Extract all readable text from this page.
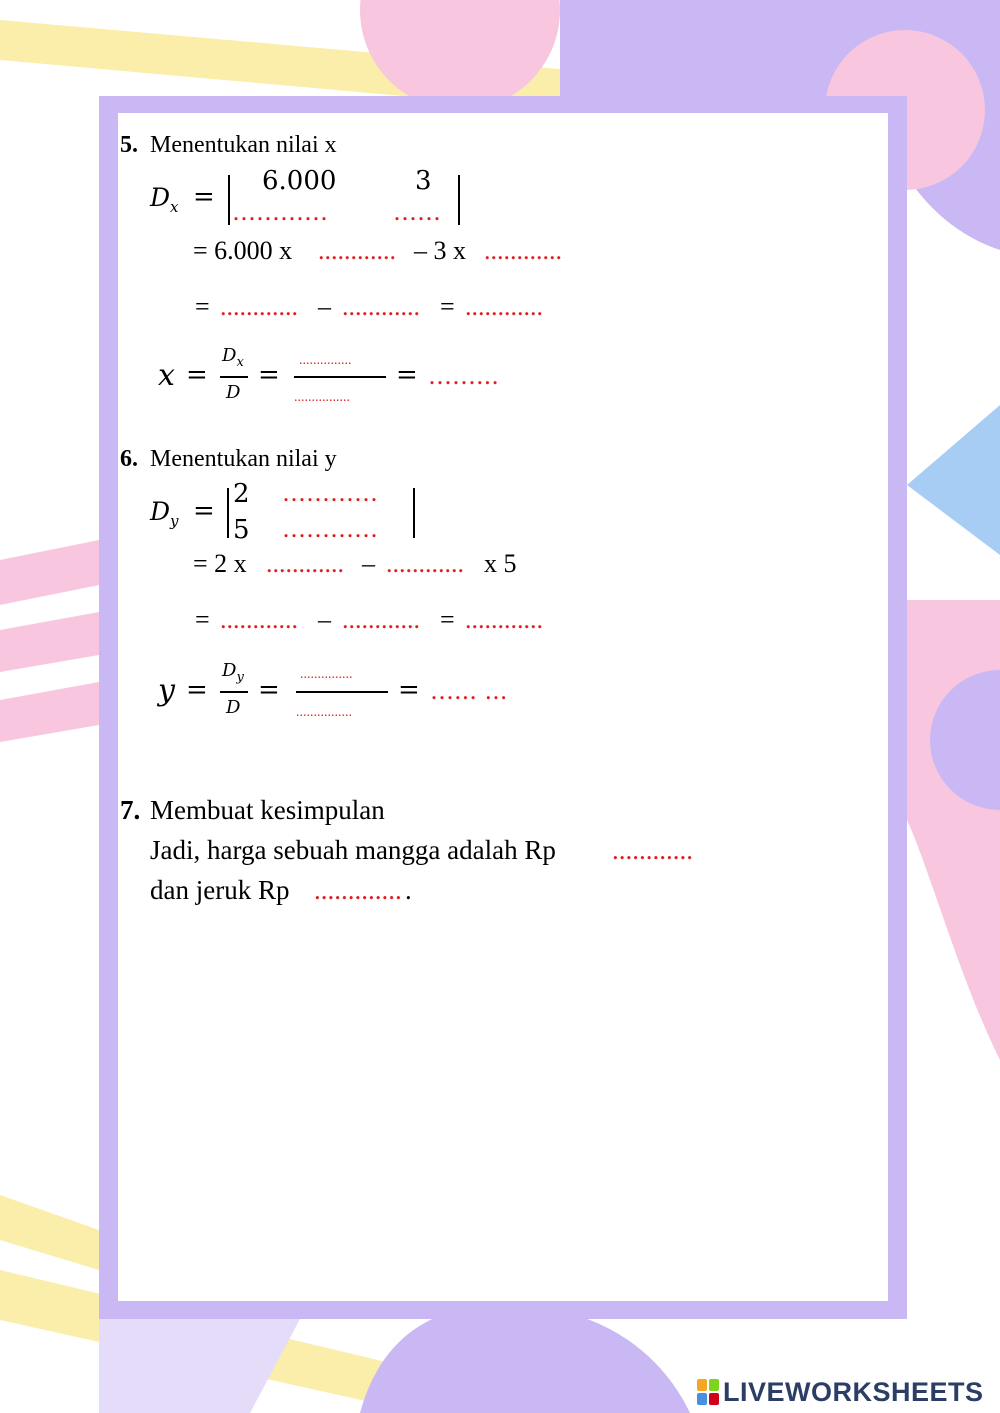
5. Menentukan nilai x
$D_x$ =
6.000	3
…………	……
= 6.000 x ............ – 3 x ............
= ............ – ............ = ............
x =
$D_x$
D
= ...............
................
= ……...
6. Menentukan nilai y
$D_y$ =
2 …………
5 …………
= 2 x ............ – ............ x 5
= ............ – ............ = ............
y =
$D_y$
D
=
...............
................
= …... ...
7. Membuat kesimpulan
Jadi, harga sebuah mangga adalah Rp ............
dan jeruk Rp ............. .
LIVEWORKSHEETS
